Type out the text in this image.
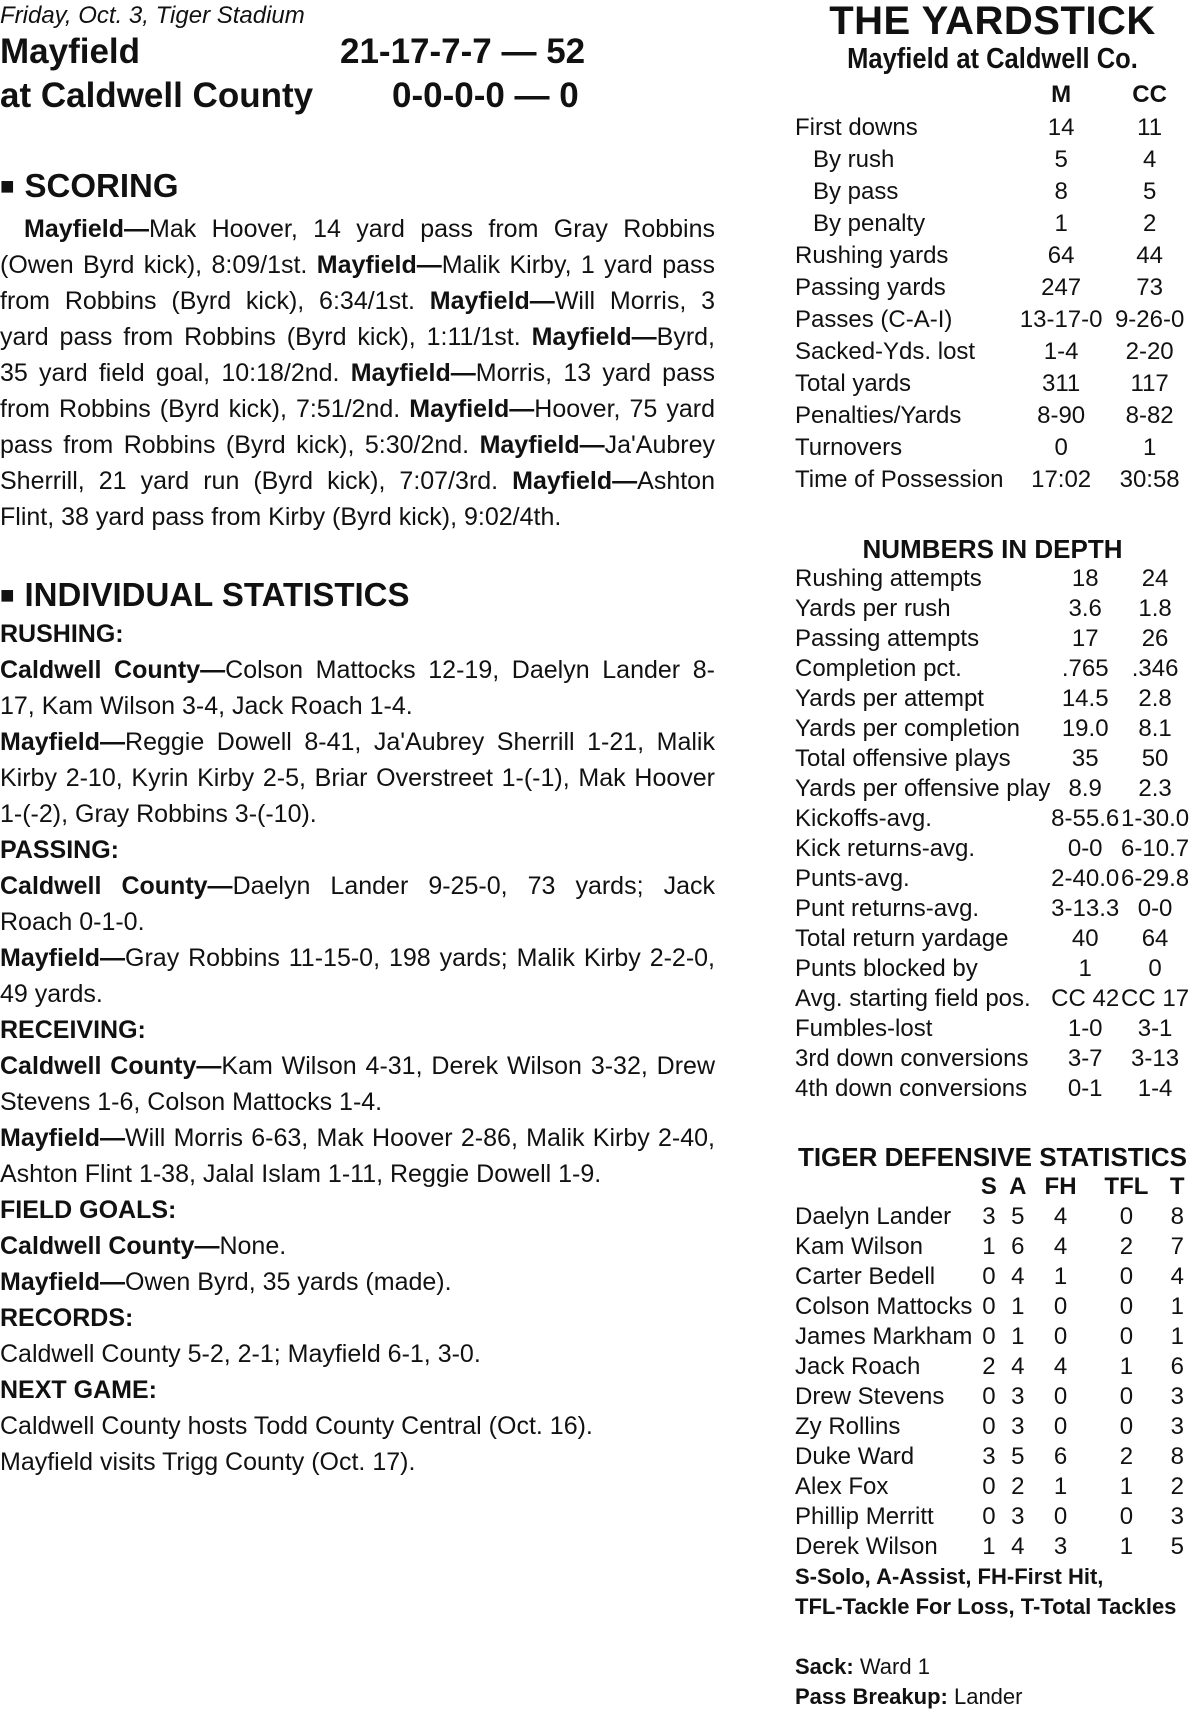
Friday, Oct. 3, Tiger Stadium
Mayfield	21-17-7-7 — 52
at Caldwell County 0-0-0-0 — 0
■ SCORING

Mayfield—Mak Hoover, 14 yard pass from Gray Robbins (Owen Byrd kick), 8:09/1st. Mayfield—Malik Kirby, 1 yard pass from Robbins (Byrd kick), 6:34/1st. Mayfield—Will Morris, 3 yard pass from Robbins (Byrd kick), 1:11/1st. Mayfield—Byrd, 35 yard field goal, 10:18/2nd. Mayfield—Morris, 13 yard pass from Robbins (Byrd kick), 7:51/2nd. Mayfield—Hoover, 75 yard pass from Robbins (Byrd kick), 5:30/2nd. Mayfield—Ja'Aubrey Sherrill, 21 yard run (Byrd kick), 7:07/3rd. Mayfield—Ashton Flint, 38 yard pass from Kirby (Byrd kick), 9:02/4th.

■ INDIVIDUAL STATISTICS
RUSHING:
Caldwell County—Colson Mattocks 12-19, Daelyn Lander 8-17, Kam Wilson 3-4, Jack Roach 1-4.
Mayfield—Reggie Dowell 8-41, Ja'Aubrey Sherrill 1-21, Malik Kirby 2-10, Kyrin Kirby 2-5, Briar Overstreet 1-(-1), Mak Hoover 1-(-2), Gray Robbins 3-(-10).
PASSING:
Caldwell County—Daelyn Lander 9-25-0, 73 yards; Jack Roach 0-1-0.
Mayfield—Gray Robbins 11-15-0, 198 yards; Malik Kirby 2-2-0, 49 yards.
RECEIVING:
Caldwell County—Kam Wilson 4-31, Derek Wilson 3-32, Drew Stevens 1-6, Colson Mattocks 1-4.
Mayfield—Will Morris 6-63, Mak Hoover 2-86, Malik Kirby 2-40, Ashton Flint 1-38, Jalal Islam 1-11, Reggie Dowell 1-9.
FIELD GOALS:
Caldwell County—None.
Mayfield—Owen Byrd, 35 yards (made).
RECORDS:
Caldwell County 5-2, 2-1; Mayfield 6-1, 3-0.
NEXT GAME:
Caldwell County hosts Todd County Central (Oct. 16).
Mayfield visits Trigg County (Oct. 17).
THE YARDSTICK
Mayfield at Caldwell Co.
	M	CC
First downs	14	11
By rush	5	4
By pass	8	5
By penalty	1	2
Rushing yards	64	44
Passing yards	247	73
Passes (C-A-I)	13-17-0	9-26-0
Sacked-Yds. lost	1-4	2-20
Total yards	311	117
Penalties/Yards	8-90	8-82
Turnovers	0	1
Time of Possession	17:02	30:58
NUMBERS IN DEPTH
Rushing attempts	18	24
Yards per rush	3.6	1.8
Passing attempts	17	26
Completion pct.	.765	.346
Yards per attempt	14.5	2.8
Yards per completion	19.0	8.1
Total offensive plays	35	50
Yards per offensive play	8.9	2.3
Kickoffs-avg.	8-55.6	1-30.0
Kick returns-avg.	0-0	6-10.7
Punts-avg.	2-40.0	6-29.8
Punt returns-avg.	3-13.3	0-0
Total return yardage	40	64
Punts blocked by	1	0
Avg. starting field pos.	CC 42	CC 17
Fumbles-lost	1-0	3-1
3rd down conversions	3-7	3-13
4th down conversions	0-1	1-4
TIGER DEFENSIVE STATISTICS
	S	A	FH	TFL	T
Daelyn Lander	3	5	4	0	8
Kam Wilson	1	6	4	2	7
Carter Bedell	0	4	1	0	4
Colson Mattocks	0	1	0	0	1
James Markham	0	1	0	0	1
Jack Roach	2	4	4	1	6
Drew Stevens	0	3	0	0	3
Zy Rollins	0	3	0	0	3
Duke Ward	3	5	6	2	8
Alex Fox	0	2	1	1	2
Phillip Merritt	0	3	0	0	3
Derek Wilson	1	4	3	1	5
S-Solo, A-Assist, FH-First Hit,
TFL-Tackle For Loss, T-Total Tackles
Sack: Ward 1
Pass Breakup: Lander
